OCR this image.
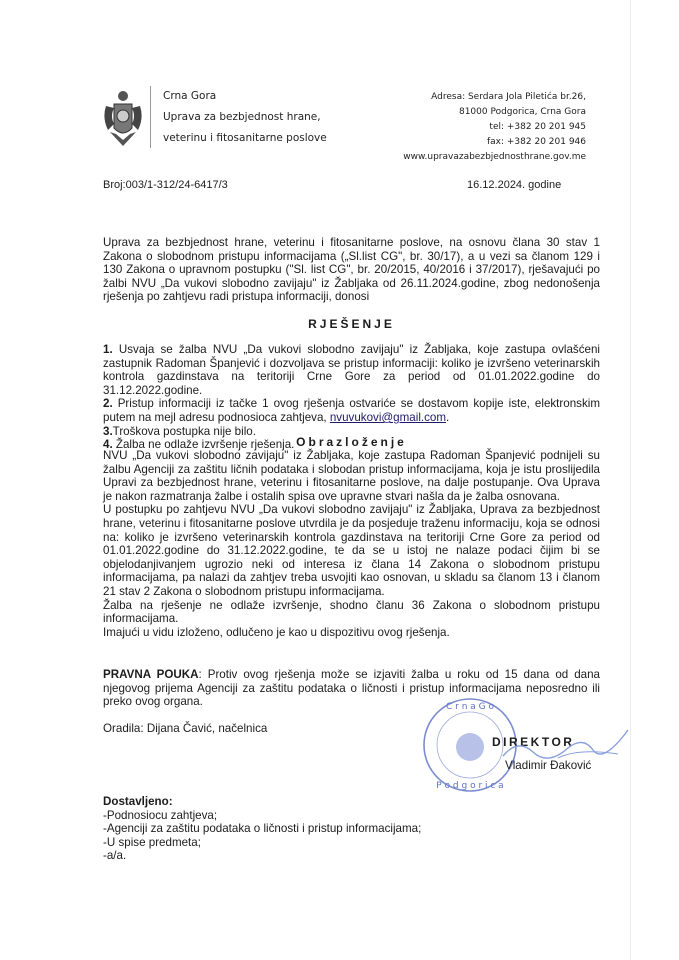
Crna Gora
Uprava za bezbjednost hrane,
veterinu i fitosanitarne poslove
Adresa: Serdara Jola Piletića br.26,
81000 Podgorica, Crna Gora
tel: +382 20 201 945
fax: +382 20 201 946
www.upravazabezbjednosthrane.gov.me
Broj:003/1-312/24-6417/3	16.12.2024. godine
Uprava za bezbjednost hrane, veterinu i fitosanitarne poslove, na osnovu člana 30 stav 1 Zakona o slobodnom pristupu informacijama („Sl.list CG", br. 30/17), a u vezi sa članom 129 i 130 Zakona o upravnom postupku ("Sl. list CG", br. 20/2015, 40/2016 i 37/2017), rješavajući po žalbi NVU „Da vukovi slobodno zavijaju" iz Žabljaka od 26.11.2024.godine, zbog nedonošenja rješenja po zahtjevu radi pristupa informaciji, donosi
RJEŠENJE

1. Usvaja se žalba NVU „Da vukovi slobodno zavijaju" iz Žabljaka, koje zastupa ovlašćeni zastupnik Radoman Španjević i dozvoljava se pristup informaciji: koliko je izvršeno veterinarskih kontrola gazdinstava na teritoriji Crne Gore za period od 01.01.2022.godine do 31.12.2022.godine.

2. Pristup informaciji iz tačke 1 ovog rješenja ostvariće se dostavom kopije iste, elektronskim putem na mejl adresu podnosioca zahtjeva, nvuvukovi@gmail.com.

3.Troškova postupka nije bilo.

4. Žalba ne odlaže izvršenje rješenja. Obrazloženje

NVU „Da vukovi slobodno zavijaju" iz Žabljaka, koje zastupa Radoman Španjević podnijeli su žalbu Agenciji za zaštitu ličnih podataka i slobodan pristup informacijama, koja je istu proslijedila Upravi za bezbjednost hrane, veterinu i fitosanitarne poslove, na dalje postupanje. Ova Uprava je nakon razmatranja žalbe i ostalih spisa ove upravne stvari našla da je žalba osnovana.

U postupku po zahtjevu NVU „Da vukovi slobodno zavijaju" iz Žabljaka, Uprava za bezbjednost hrane, veterinu i fitosanitarne poslove utvrdila je da posjeduje traženu informaciju, koja se odnosi na: koliko je izvršeno veterinarskih kontrola gazdinstava na teritoriji Crne Gore za period od 01.01.2022.godine do 31.12.2022.godine, te da se u istoj ne nalaze podaci čijim bi se objelodanjivanjem ugrozio neki od interesa iz člana 14 Zakona o slobodnom pristupu informacijama, pa nalazi da zahtjev treba usvojiti kao osnovan, u skladu sa članom 13 i članom 21 stav 2 Zakona o slobodnom pristupu informacijama.

Žalba na rješenje ne odlaže izvršenje, shodno članu 36 Zakona o slobodnom pristupu informacijama.

Imajući u vidu izloženo, odlučeno je kao u dispozitivu ovog rješenja.

PRAVNA POUKA: Protiv ovog rješenja može se izjaviti žalba u roku od 15 dana od dana njegovog prijema Agenciji za zaštitu podataka o ličnosti i pristup informacijama neposredno ili preko ovog organa.
Oradila: Dijana Čavić, načelnica
C r n a G o
P o d g o r i c a
DIREKTOR
Vladimir Đaković
Dostavljeno:
-Podnosiocu zahtjeva;
-Agenciji za zaštitu podataka o ličnosti i pristup informacijama;
-U spise predmeta;
-a/a.
